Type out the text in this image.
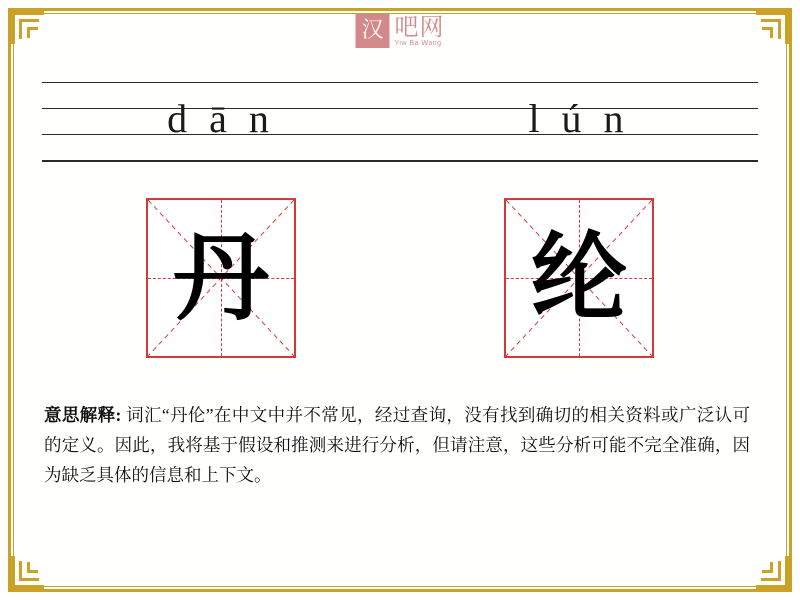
汉 吧网
Yiw Ba Wang
d ā n	l ú n
丹	纶
意思解释: 词汇“丹伦”在中文中并不常见，经过查询，没有找到确切的相关资料或广泛认可的定义。因此，我将基于假设和推测来进行分析，但请注意，这些分析可能不完全准确，因为缺乏具体的信息和上下文。
